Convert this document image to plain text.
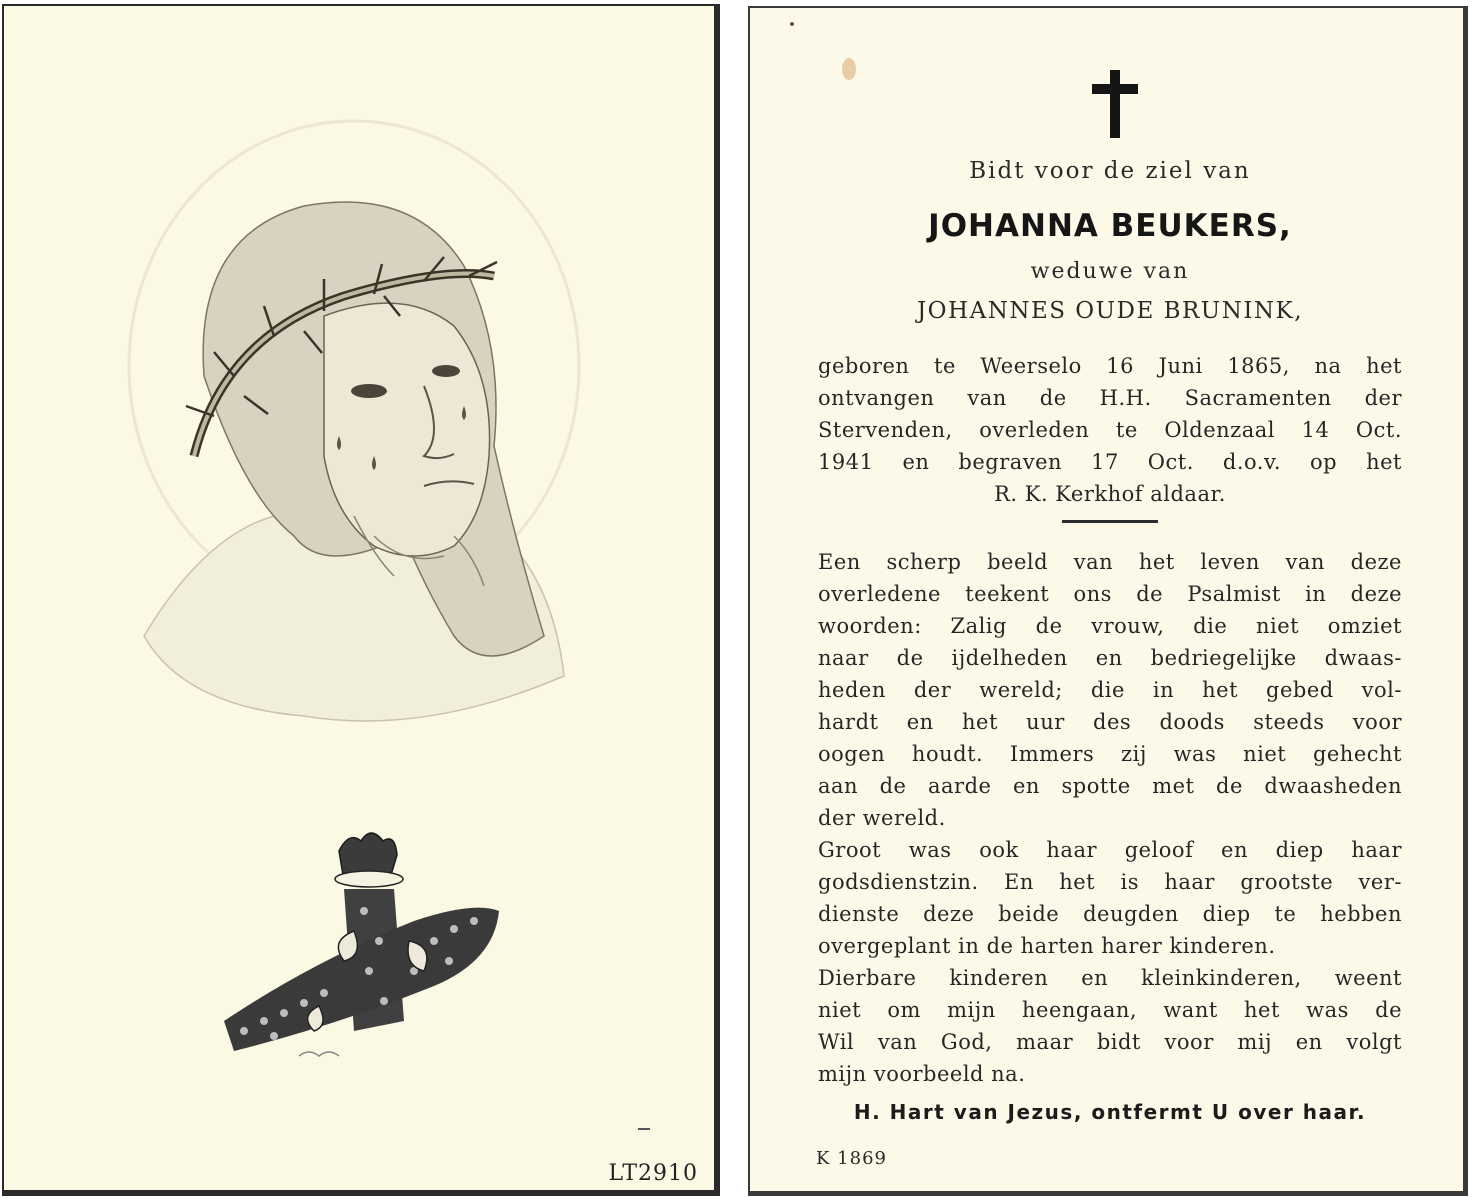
LT2910
Bidt voor de ziel van
JOHANNA BEUKERS,
weduwe van
JOHANNES OUDE BRUNINK,
geboren te Weerselo 16 Juni 1865, na het
ontvangen van de H.H. Sacramenten der
Stervenden, overleden te Oldenzaal 14 Oct.
1941 en begraven 17 Oct. d.o.v. op het
R. K. Kerkhof aldaar.
Een scherp beeld van het leven van deze
overledene teekent ons de Psalmist in deze
woorden: Zalig de vrouw, die niet omziet
naar de ijdelheden en bedriegelijke dwaas-
heden der wereld; die in het gebed vol-
hardt en het uur des doods steeds voor
oogen houdt. Immers zij was niet gehecht
aan de aarde en spotte met de dwaasheden
der wereld.
Groot was ook haar geloof en diep haar
godsdienstzin. En het is haar grootste ver-
dienste deze beide deugden diep te hebben
overgeplant in de harten harer kinderen.
Dierbare kinderen en kleinkinderen, weent
niet om mijn heengaan, want het was de
Wil van God, maar bidt voor mij en volgt
mijn voorbeeld na.
H. Hart van Jezus, ontfermt U over haar.
K 1869
